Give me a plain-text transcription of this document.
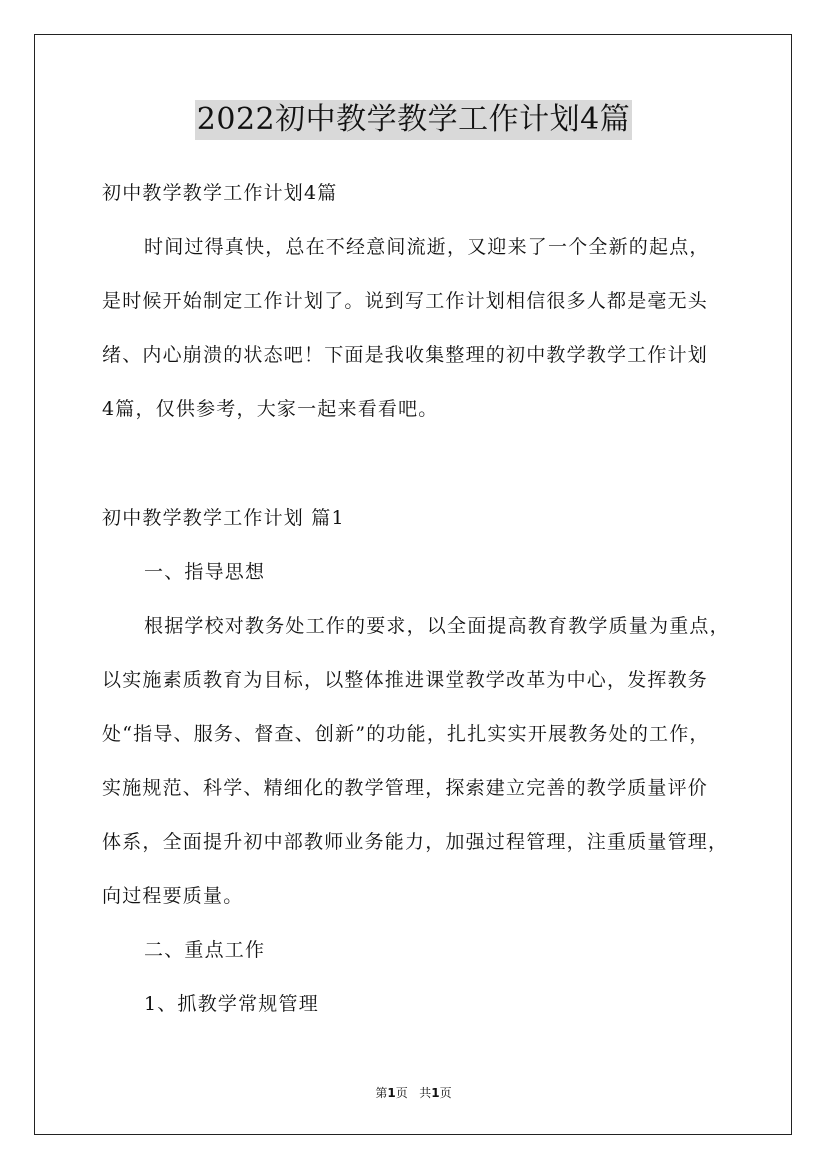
2022初中教学教学工作计划4篇
初中教学教学工作计划4篇
时间过得真快，总在不经意间流逝，又迎来了一个全新的起点，
是时候开始制定工作计划了。说到写工作计划相信很多人都是毫无头
绪、内心崩溃的状态吧！下面是我收集整理的初中教学教学工作计划
4篇，仅供参考，大家一起来看看吧。
初中教学教学工作计划 篇1
一、指导思想
根据学校对教务处工作的要求，以全面提高教育教学质量为重点，
以实施素质教育为目标，以整体推进课堂教学改革为中心，发挥教务
处“指导、服务、督查、创新”的功能，扎扎实实开展教务处的工作，
实施规范、科学、精细化的教学管理，探索建立完善的教学质量评价
体系，全面提升初中部教师业务能力，加强过程管理，注重质量管理，
向过程要质量。
二、重点工作
1、抓教学常规管理
第1页   共1页
